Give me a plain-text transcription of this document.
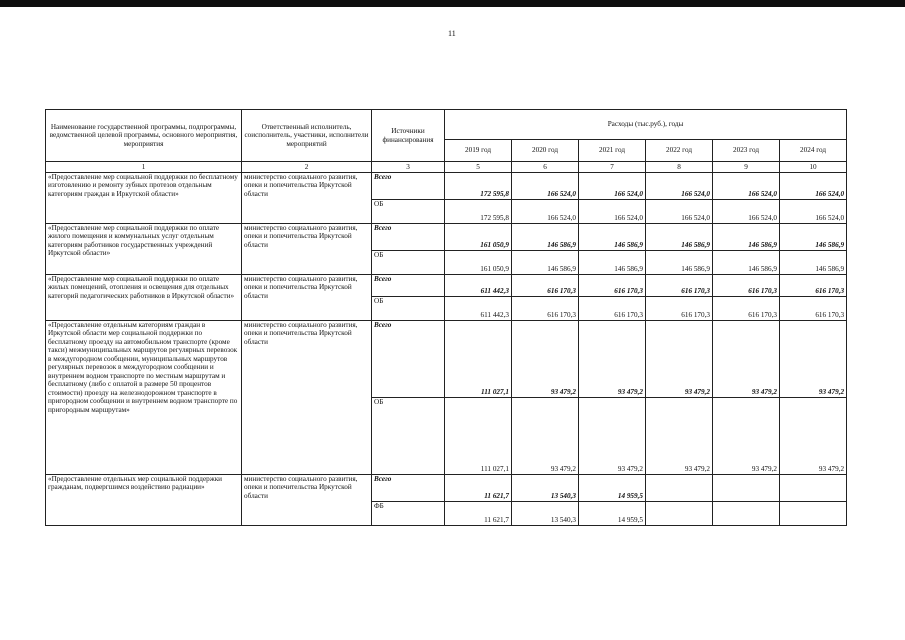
11
Наименование государственной программы, подпрограммы, ведомственной целевой программы, основного мероприятия, мероприятия	Ответственный исполнитель, соисполнитель, участники, исполнители мероприятий	Источники финансирования	Расходы (тыс.руб.), годы					
			2019 год	2020 год	2021 год	2022 год	2023 год	2024 год
1	2	3	5	6	7	8	9	10
«Предоставление мер социальной поддержки по бесплатному изготовлению и ремонту зубных протезов отдельным категориям граждан в Иркутской области»	министерство социального развития, опеки и попечительства Иркутской области	Всего	172 595,8	166 524,0	166 524,0	166 524,0	166 524,0	166 524,0
		ОБ	172 595,8	166 524,0	166 524,0	166 524,0	166 524,0	166 524,0
«Предоставление мер социальной поддержки по оплате жилого помещения и коммунальных услуг отдельным категориям работников государственных учреждений Иркутской области»	министерство социального развития, опеки и попечительства Иркутской области	Всего	161 050,9	146 586,9	146 586,9	146 586,9	146 586,9	146 586,9
		ОБ	161 050,9	146 586,9	146 586,9	146 586,9	146 586,9	146 586,9
«Предоставление мер социальной поддержки по оплате жилых помещений, отопления и освещения для отдельных категорий педагогических работников в Иркутской области»	министерство социального развития, опеки и попечительства Иркутской области	Всего	611 442,3	616 170,3	616 170,3	616 170,3	616 170,3	616 170,3
		ОБ	611 442,3	616 170,3	616 170,3	616 170,3	616 170,3	616 170,3
«Предоставление отдельным категориям граждан в Иркутской области мер социальной поддержки по бесплатному проезду на автомобильном транспорте (кроме такси) межмуниципальных маршрутов регулярных перевозок в междугородном сообщении, муниципальных маршрутов регулярных перевозок в междугородном сообщении и внутреннем водном транспорте по местным маршрутам и бесплатному (либо с оплатой в размере 50 процентов стоимости) проезду на железнодорожном транспорте в пригородном сообщении и внутреннем водном транспорте по пригородным маршрутам»	министерство социального развития, опеки и попечительства Иркутской области	Всего	111 027,1	93 479,2	93 479,2	93 479,2	93 479,2	93 479,2
		ОБ	111 027,1	93 479,2	93 479,2	93 479,2	93 479,2	93 479,2
«Предоставление отдельных мер социальной поддержки гражданам, подвергшимся воздействию радиации»	министерство социального развития, опеки и попечительства Иркутской области	Всего	11 621,7	13 540,3	14 959,5			
		ФБ	11 621,7	13 540,3	14 959,5			
